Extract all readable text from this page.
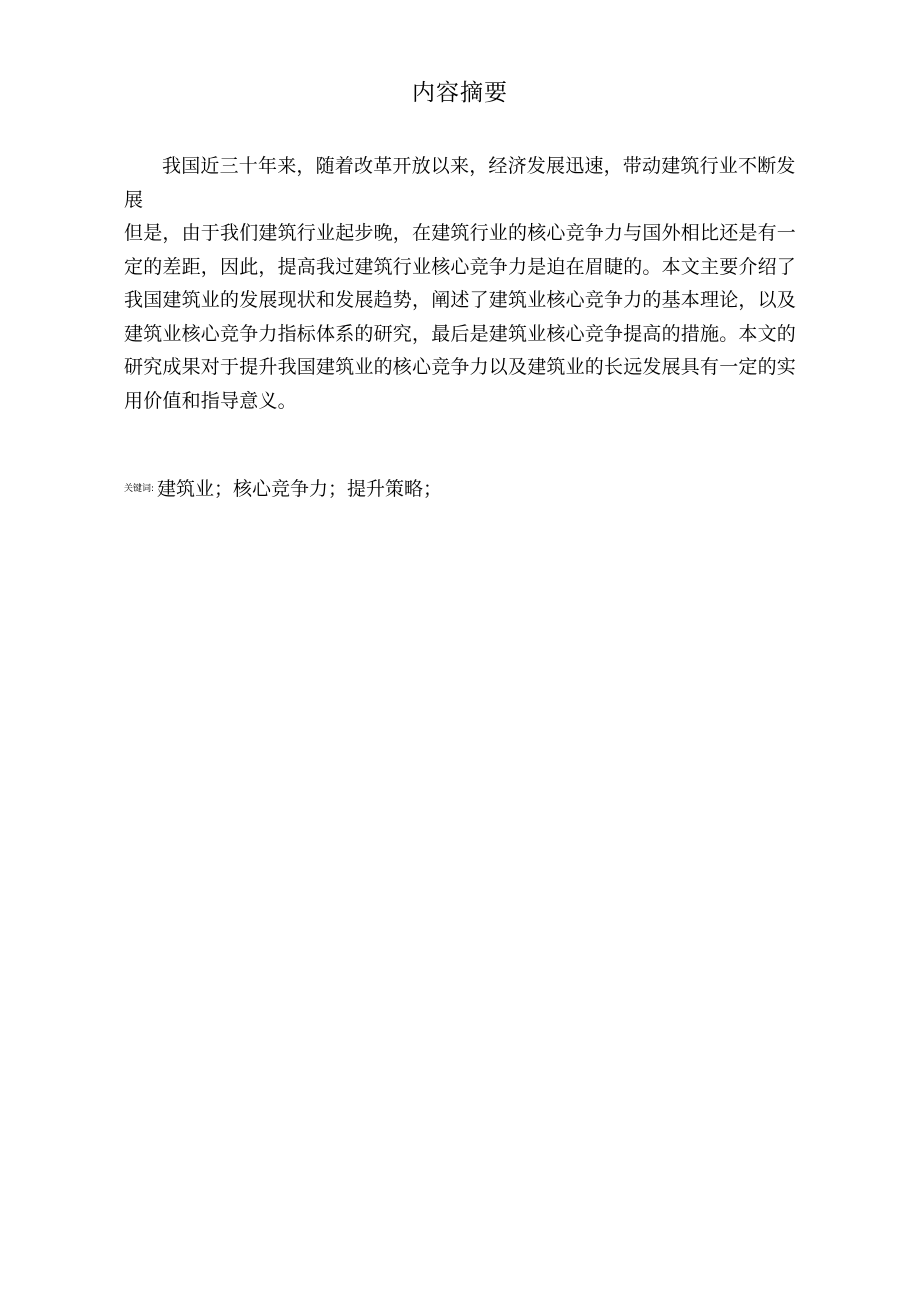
内容摘要
我国近三十年来，随着改革开放以来，经济发展迅速，带动建筑行业不断发
展
但是，由于我们建筑行业起步晚，在建筑行业的核心竞争力与国外相比还是有一
定的差距，因此，提高我过建筑行业核心竞争力是迫在眉睫的。本文主要介绍了
我国建筑业的发展现状和发展趋势，阐述了建筑业核心竞争力的基本理论，以及
建筑业核心竞争力指标体系的研究，最后是建筑业核心竞争提高的措施。本文的
研究成果对于提升我国建筑业的核心竞争力以及建筑业的长远发展具有一定的实
用价值和指导意义。
关键词: 建筑业；核心竞争力；提升策略；
